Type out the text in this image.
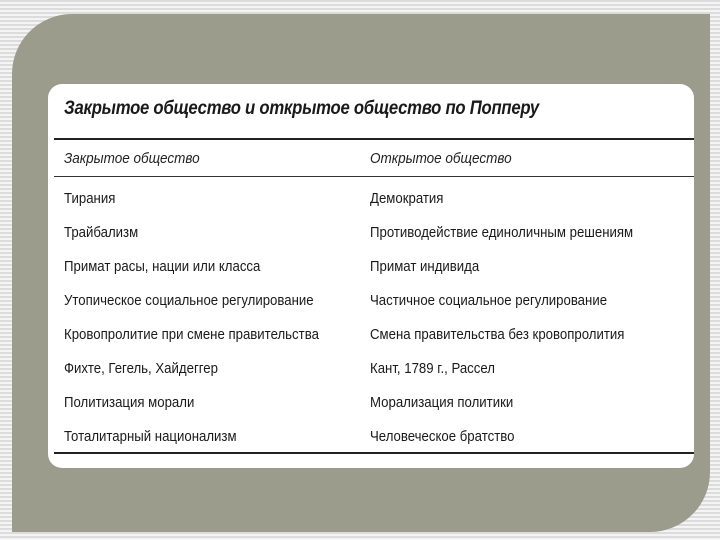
Закрытое общество и открытое общество по Попперу
Закрытое общество	Открытое общество
Тирания	Демократия
Трайбализм	Противодействие единоличным решениям
Примат расы, нации или класса	Примат индивида
Утопическое социальное регулирование	Частичное социальное регулирование
Кровопролитие при смене правительства	Смена правительства без кровопролития
Фихте, Гегель, Хайдеггер	Кант, 1789 г., Рассел
Политизация морали	Морализация политики
Тоталитарный национализм	Человеческое братство
